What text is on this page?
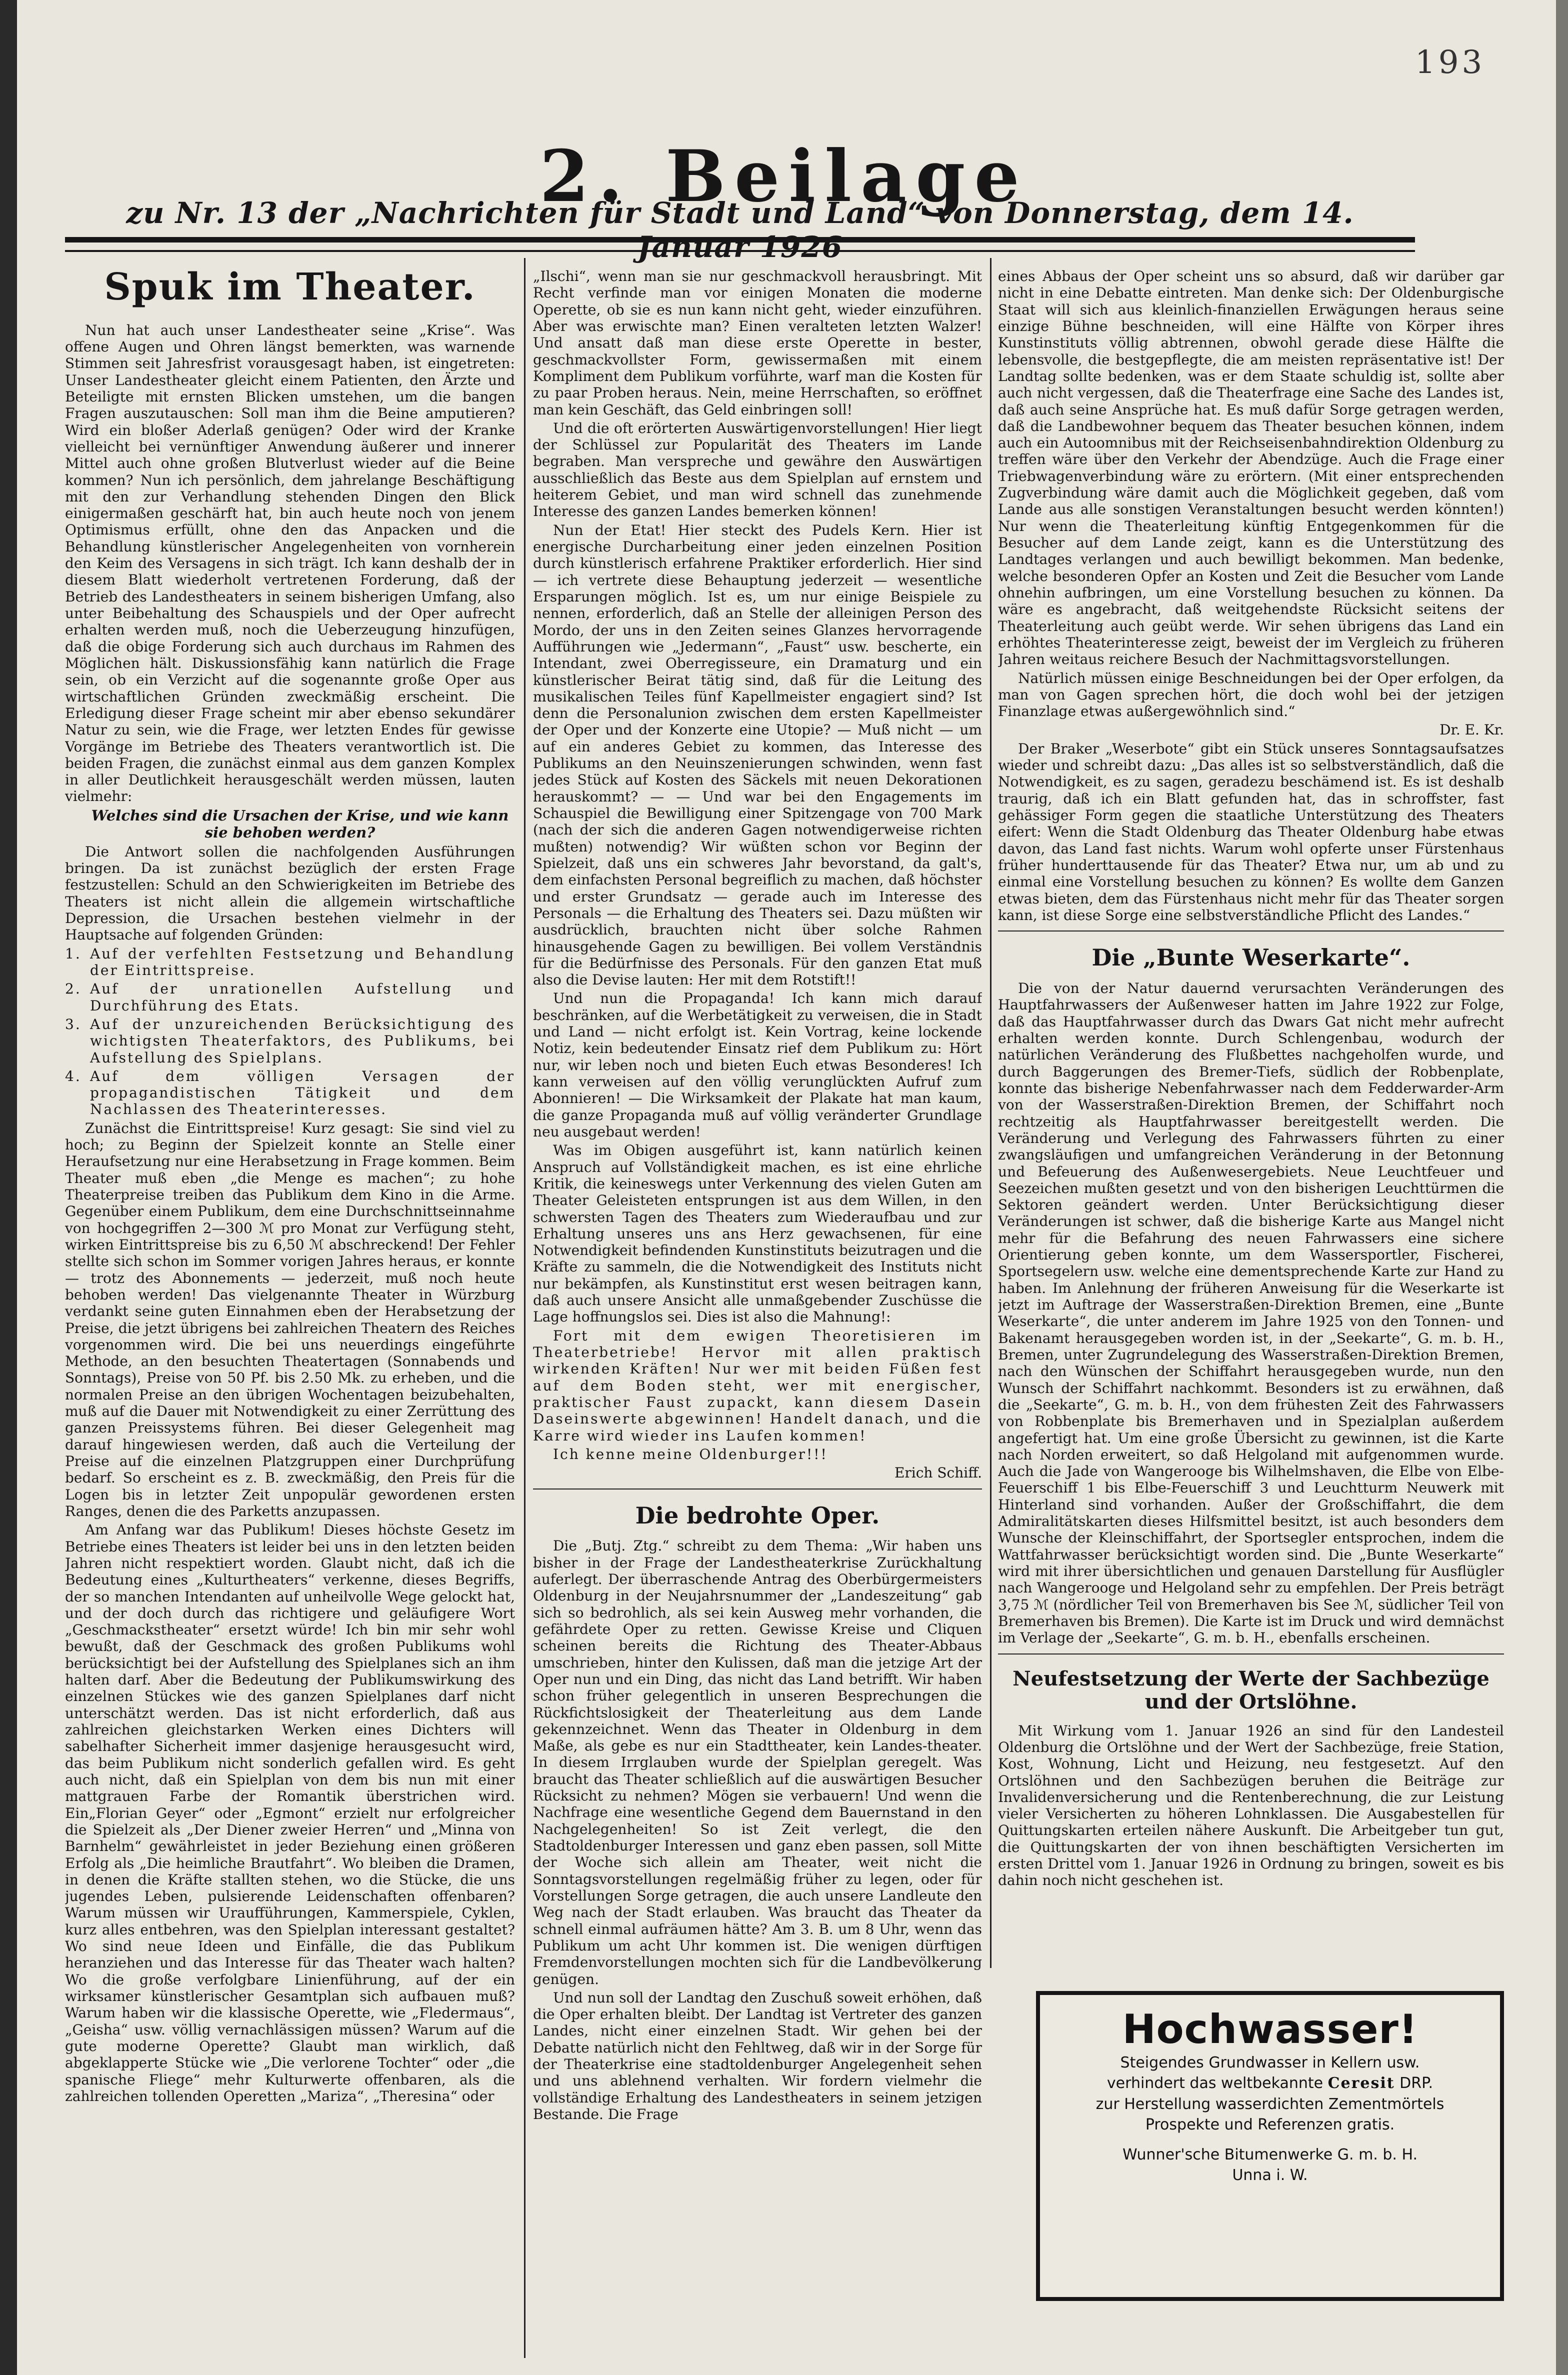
193
2. Beilage
zu Nr. 13 der „Nachrichten für Stadt und Land“ von Donnerstag, dem 14. Januar 1926
Spuk im Theater.

Nun hat auch unser Landestheater seine „Krise“. Was offene Augen und Ohren längst bemerkten, was warnende Stimmen seit Jahresfrist vorausgesagt haben, ist eingetreten: Unser Landestheater gleicht einem Patienten, den Ärzte und Beteiligte mit ernsten Blicken umstehen, um die bangen Fragen auszutauschen: Soll man ihm die Beine amputieren? Wird ein bloßer Aderlaß genügen? Oder wird der Kranke vielleicht bei vernünftiger Anwendung äußerer und innerer Mittel auch ohne großen Blutverlust wieder auf die Beine kommen? Nun ich persönlich, dem jahrelange Beschäftigung mit den zur Verhandlung stehenden Dingen den Blick einigermaßen geschärft hat, bin auch heute noch von jenem Optimismus erfüllt, ohne den das Anpacken und die Behandlung künstlerischer Angelegenheiten von vornherein den Keim des Versagens in sich trägt. Ich kann deshalb der in diesem Blatt wiederholt vertretenen Forderung, daß der Betrieb des Landestheaters in seinem bisherigen Umfang, also unter Beibehaltung des Schauspiels und der Oper aufrecht erhalten werden muß, noch die Ueberzeugung hinzufügen, daß die obige Forderung sich auch durchaus im Rahmen des Möglichen hält. Diskussionsfähig kann natürlich die Frage sein, ob ein Verzicht auf die sogenannte große Oper aus wirtschaftlichen Gründen zweckmäßig erscheint. Die Erledigung dieser Frage scheint mir aber ebenso sekundärer Natur zu sein, wie die Frage, wer letzten Endes für gewisse Vorgänge im Betriebe des Theaters verantwortlich ist. Die beiden Fragen, die zunächst einmal aus dem ganzen Komplex in aller Deutlichkeit herausgeschält werden müssen, lauten vielmehr:

Welches sind die Ursachen der Krise, und wie kann sie behoben werden?

Die Antwort sollen die nachfolgenden Ausführungen bringen. Da ist zunächst bezüglich der ersten Frage festzustellen: Schuld an den Schwierigkeiten im Betriebe des Theaters ist nicht allein die allgemein wirtschaftliche Depression, die Ursachen bestehen vielmehr in der Hauptsache auf folgenden Gründen:

1. Auf der verfehlten Festsetzung und Behandlung der Eintrittspreise.

2. Auf der unrationellen Aufstellung und Durchführung des Etats.

3. Auf der unzureichenden Berücksichtigung des wichtigsten Theaterfaktors, des Publikums, bei Aufstellung des Spielplans.

4. Auf dem völligen Versagen der propagandistischen Tätigkeit und dem Nachlassen des Theaterinteresses.

Zunächst die Eintrittspreise! Kurz gesagt: Sie sind viel zu hoch; zu Beginn der Spielzeit konnte an Stelle einer Heraufsetzung nur eine Herabsetzung in Frage kommen. Beim Theater muß eben „die Menge es machen“; zu hohe Theaterpreise treiben das Publikum dem Kino in die Arme. Gegenüber einem Publikum, dem eine Durchschnittseinnahme von hochgegriffen 2—300 ℳ pro Monat zur Verfügung steht, wirken Eintrittspreise bis zu 6,50 ℳ abschreckend! Der Fehler stellte sich schon im Sommer vorigen Jahres heraus, er konnte — trotz des Abonnements — jederzeit, muß noch heute behoben werden! Das vielgenannte Theater in Würzburg verdankt seine guten Einnahmen eben der Herabsetzung der Preise, die jetzt übrigens bei zahlreichen Theatern des Reiches vorgenommen wird. Die bei uns neuerdings eingeführte Methode, an den besuchten Theatertagen (Sonnabends und Sonntags), Preise von 50 Pf. bis 2.50 Mk. zu erheben, und die normalen Preise an den übrigen Wochentagen beizubehalten, muß auf die Dauer mit Notwendigkeit zu einer Zerrüttung des ganzen Preissystems führen. Bei dieser Gelegenheit mag darauf hingewiesen werden, daß auch die Verteilung der Preise auf die einzelnen Platzgruppen einer Durchprüfung bedarf. So erscheint es z. B. zweckmäßig, den Preis für die Logen bis in letzter Zeit unpopulär gewordenen ersten Ranges, denen die des Parketts anzupassen.

Am Anfang war das Publikum! Dieses höchste Gesetz im Betriebe eines Theaters ist leider bei uns in den letzten beiden Jahren nicht respektiert worden. Glaubt nicht, daß ich die Bedeutung eines „Kulturtheaters“ verkenne, dieses Begriffs, der so manchen Intendanten auf unheilvolle Wege gelockt hat, und der doch durch das richtigere und geläufigere Wort „Geschmackstheater“ ersetzt würde! Ich bin mir sehr wohl bewußt, daß der Geschmack des großen Publikums wohl berücksichtigt bei der Aufstellung des Spielplanes sich an ihm halten darf. Aber die Bedeutung der Publikumswirkung des einzelnen Stückes wie des ganzen Spielplanes darf nicht unterschätzt werden. Das ist nicht erforderlich, daß aus zahlreichen gleichstarken Werken eines Dichters will sabelhafter Sicherheit immer dasjenige herausgesucht wird, das beim Publikum nicht sonderlich gefallen wird. Es geht auch nicht, daß ein Spielplan von dem bis nun mit einer mattgrauen Farbe der Romantik überstrichen wird. Ein„Florian Geyer“ oder „Egmont“ erzielt nur erfolgreicher die Spielzeit als „Der Diener zweier Herren“ und „Minna von Barnhelm“ gewährleistet in jeder Beziehung einen größeren Erfolg als „Die heimliche Brautfahrt“. Wo bleiben die Dramen, in denen die Kräfte stallten stehen, wo die Stücke, die uns jugendes Leben, pulsierende Leidenschaften offenbaren? Warum müssen wir Uraufführungen, Kammerspiele, Cyklen, kurz alles entbehren, was den Spielplan interessant gestaltet? Wo sind neue Ideen und Einfälle, die das Publikum heranziehen und das Interesse für das Theater wach halten? Wo die große verfolgbare Linienführung, auf der ein wirksamer künstlerischer Gesamtplan sich aufbauen muß? Warum haben wir die klassische Operette, wie „Fledermaus“, „Geisha“ usw. völlig vernachlässigen müssen? Warum auf die gute moderne Operette? Glaubt man wirklich, daß abgeklapperte Stücke wie „Die verlorene Tochter“ oder „die spanische Fliege“ mehr Kulturwerte offenbaren, als die zahlreichen tollenden Operetten „Mariza“, „Theresina“ oder

„Ilschi“, wenn man sie nur geschmackvoll herausbringt. Mit Recht verfinde man vor einigen Monaten die moderne Operette, ob sie es nun kann nicht geht, wieder einzuführen. Aber was erwischte man? Einen veralteten letzten Walzer! Und ansatt daß man diese erste Operette in bester, geschmackvollster Form, gewissermaßen mit einem Kompliment dem Publikum vorführte, warf man die Kosten für zu paar Proben heraus. Nein, meine Herrschaften, so eröffnet man kein Geschäft, das Geld einbringen soll!

Und die oft erörterten Auswärtigenvorstellungen! Hier liegt der Schlüssel zur Popularität des Theaters im Lande begraben. Man verspreche und gewähre den Auswärtigen ausschließlich das Beste aus dem Spielplan auf ernstem und heiterem Gebiet, und man wird schnell das zunehmende Interesse des ganzen Landes bemerken können!

Nun der Etat! Hier steckt des Pudels Kern. Hier ist energische Durcharbeitung einer jeden einzelnen Position durch künstlerisch erfahrene Praktiker erforderlich. Hier sind — ich vertrete diese Behauptung jederzeit — wesentliche Ersparungen möglich. Ist es, um nur einige Beispiele zu nennen, erforderlich, daß an Stelle der alleinigen Person des Mordo, der uns in den Zeiten seines Glanzes hervorragende Aufführungen wie „Jedermann“, „Faust“ usw. bescherte, ein Intendant, zwei Oberregisseure, ein Dramaturg und ein künstlerischer Beirat tätig sind, daß für die Leitung des musikalischen Teiles fünf Kapellmeister engagiert sind? Ist denn die Personalunion zwischen dem ersten Kapellmeister der Oper und der Konzerte eine Utopie? — Muß nicht — um auf ein anderes Gebiet zu kommen, das Interesse des Publikums an den Neuinszenierungen schwinden, wenn fast jedes Stück auf Kosten des Säckels mit neuen Dekorationen herauskommt? — — Und war bei den Engagements im Schauspiel die Bewilligung einer Spitzengage von 700 Mark (nach der sich die anderen Gagen notwendigerweise richten mußten) notwendig? Wir wüßten schon vor Beginn der Spielzeit, daß uns ein schweres Jahr bevorstand, da galt's, dem einfachsten Personal begreiflich zu machen, daß höchster und erster Grundsatz — gerade auch im Interesse des Personals — die Erhaltung des Theaters sei. Dazu müßten wir ausdrücklich, brauchten nicht über solche Rahmen hinausgehende Gagen zu bewilligen. Bei vollem Verständnis für die Bedürfnisse des Personals. Für den ganzen Etat muß also die Devise lauten: Her mit dem Rotstift!!

Und nun die Propaganda! Ich kann mich darauf beschränken, auf die Werbetätigkeit zu verweisen, die in Stadt und Land — nicht erfolgt ist. Kein Vortrag, keine lockende Notiz, kein bedeutender Einsatz rief dem Publikum zu: Hört nur, wir leben noch und bieten Euch etwas Besonderes! Ich kann verweisen auf den völlig verunglückten Aufruf zum Abonnieren! — Die Wirksamkeit der Plakate hat man kaum, die ganze Propaganda muß auf völlig veränderter Grundlage neu ausgebaut werden!

Was im Obigen ausgeführt ist, kann natürlich keinen Anspruch auf Vollständigkeit machen, es ist eine ehrliche Kritik, die keineswegs unter Verkennung des vielen Guten am Theater Geleisteten entsprungen ist aus dem Willen, in den schwersten Tagen des Theaters zum Wiederaufbau und zur Erhaltung unseres uns ans Herz gewachsenen, für eine Notwendigkeit befindenden Kunstinstituts beizutragen und die Kräfte zu sammeln, die die Notwendigkeit des Instituts nicht nur bekämpfen, als Kunstinstitut erst wesen beitragen kann, daß auch unsere Ansicht alle unmaßgebender Zuschüsse die Lage hoffnungslos sei. Dies ist also die Mahnung!:

Fort mit dem ewigen Theoretisieren im Theaterbetriebe! Hervor mit allen praktisch wirkenden Kräften! Nur wer mit beiden Füßen fest auf dem Boden steht, wer mit energischer, praktischer Faust zupackt, kann diesem Dasein Daseinswerte abgewinnen! Handelt danach, und die Karre wird wieder ins Laufen kommen!

Ich kenne meine Oldenburger!!!

Erich Schiff.

Die bedrohte Oper.

Die „Butj. Ztg.“ schreibt zu dem Thema: „Wir haben uns bisher in der Frage der Landestheaterkrise Zurückhaltung auferlegt. Der überraschende Antrag des Oberbürgermeisters Oldenburg in der Neujahrsnummer der „Landeszeitung“ gab sich so bedrohlich, als sei kein Ausweg mehr vorhanden, die gefährdete Oper zu retten. Gewisse Kreise und Cliquen scheinen bereits die Richtung des Theater-Abbaus umschrieben, hinter den Kulissen, daß man die jetzige Art der Oper nun und ein Ding, das nicht das Land betrifft. Wir haben schon früher gelegentlich in unseren Besprechungen die Rückfichtslosigkeit der Theaterleitung aus dem Lande gekennzeichnet. Wenn das Theater in Oldenburg in dem Maße, als gebe es nur ein Stadttheater, kein Landes-theater. In diesem Irrglauben wurde der Spielplan geregelt. Was braucht das Theater schließlich auf die auswärtigen Besucher Rücksicht zu nehmen? Mögen sie verbauern! Und wenn die Nachfrage eine wesentliche Gegend dem Bauernstand in den Nachgelegenheiten! So ist Zeit verlegt, die den Stadtoldenburger Interessen und ganz eben passen, soll Mitte der Woche sich allein am Theater, weit nicht die Sonntagsvorstellungen regelmäßig früher zu legen, oder für Vorstellungen Sorge getragen, die auch unsere Landleute den Weg nach der Stadt erlauben. Was braucht das Theater da schnell einmal aufräumen hätte? Am 3. B. um 8 Uhr, wenn das Publikum um acht Uhr kommen ist. Die wenigen dürftigen Fremdenvorstellungen mochten sich für die Landbevölkerung genügen.

Und nun soll der Landtag den Zuschuß soweit erhöhen, daß die Oper erhalten bleibt. Der Landtag ist Vertreter des ganzen Landes, nicht einer einzelnen Stadt. Wir gehen bei der Debatte natürlich nicht den Fehltweg, daß wir in der Sorge für der Theaterkrise eine stadtoldenburger Angelegenheit sehen und uns ablehnend verhalten. Wir fordern vielmehr die vollständige Erhaltung des Landestheaters in seinem jetzigen Bestande. Die Frage

eines Abbaus der Oper scheint uns so absurd, daß wir darüber gar nicht in eine Debatte eintreten. Man denke sich: Der Oldenburgische Staat will sich aus kleinlich-finanziellen Erwägungen heraus seine einzige Bühne beschneiden, will eine Hälfte von Körper ihres Kunstinstituts völlig abtrennen, obwohl gerade diese Hälfte die lebensvolle, die bestgepflegte, die am meisten repräsentative ist! Der Landtag sollte bedenken, was er dem Staate schuldig ist, sollte aber auch nicht vergessen, daß die Theaterfrage eine Sache des Landes ist, daß auch seine Ansprüche hat. Es muß dafür Sorge getragen werden, daß die Landbewohner bequem das Theater besuchen können, indem auch ein Autoomnibus mit der Reichseisenbahndirektion Oldenburg zu treffen wäre über den Verkehr der Abendzüge. Auch die Frage einer Triebwagenverbindung wäre zu erörtern. (Mit einer entsprechenden Zugverbindung wäre damit auch die Möglichkeit gegeben, daß vom Lande aus alle sonstigen Veranstaltungen besucht werden könnten!) Nur wenn die Theaterleitung künftig Entgegenkommen für die Besucher auf dem Lande zeigt, kann es die Unterstützung des Landtages verlangen und auch bewilligt bekommen. Man bedenke, welche besonderen Opfer an Kosten und Zeit die Besucher vom Lande ohnehin aufbringen, um eine Vorstellung besuchen zu können. Da wäre es angebracht, daß weitgehendste Rücksicht seitens der Theaterleitung auch geübt werde. Wir sehen übrigens das Land ein erhöhtes Theaterinteresse zeigt, beweist der im Vergleich zu früheren Jahren weitaus reichere Besuch der Nachmittagsvorstellungen.

Natürlich müssen einige Beschneidungen bei der Oper erfolgen, da man von Gagen sprechen hört, die doch wohl bei der jetzigen Finanzlage etwas außergewöhnlich sind.“

Dr. E. Kr.

Der Braker „Weserbote“ gibt ein Stück unseres Sonntagsaufsatzes wieder und schreibt dazu: „Das alles ist so selbstverständlich, daß die Notwendigkeit, es zu sagen, geradezu beschämend ist. Es ist deshalb traurig, daß ich ein Blatt gefunden hat, das in schroffster, fast gehässiger Form gegen die staatliche Unterstützung des Theaters eifert: Wenn die Stadt Oldenburg das Theater Oldenburg habe etwas davon, das Land fast nichts. Warum wohl opferte unser Fürstenhaus früher hunderttausende für das Theater? Etwa nur, um ab und zu einmal eine Vorstellung besuchen zu können? Es wollte dem Ganzen etwas bieten, dem das Fürstenhaus nicht mehr für das Theater sorgen kann, ist diese Sorge eine selbstverständliche Pflicht des Landes.“

Die „Bunte Weserkarte“.

Die von der Natur dauernd verursachten Veränderungen des Hauptfahrwassers der Außenweser hatten im Jahre 1922 zur Folge, daß das Hauptfahrwasser durch das Dwars Gat nicht mehr aufrecht erhalten werden konnte. Durch Schlengenbau, wodurch der natürlichen Veränderung des Flußbettes nachgeholfen wurde, und durch Baggerungen des Bremer-Tiefs, südlich der Robbenplate, konnte das bisherige Nebenfahrwasser nach dem Fedderwarder-Arm von der Wasserstraßen-Direktion Bremen, der Schiffahrt noch rechtzeitig als Hauptfahrwasser bereitgestellt werden. Die Veränderung und Verlegung des Fahrwassers führten zu einer zwangsläufigen und umfangreichen Veränderung in der Betonnung und Befeuerung des Außenwesergebiets. Neue Leuchtfeuer und Seezeichen mußten gesetzt und von den bisherigen Leuchttürmen die Sektoren geändert werden. Unter Berücksichtigung dieser Veränderungen ist schwer, daß die bisherige Karte aus Mangel nicht mehr für die Befahrung des neuen Fahrwassers eine sichere Orientierung geben konnte, um dem Wassersportler, Fischerei, Sportsegelern usw. welche eine dementsprechende Karte zur Hand zu haben. Im Anlehnung der früheren Anweisung für die Weserkarte ist jetzt im Auftrage der Wasserstraßen-Direktion Bremen, eine „Bunte Weserkarte“, die unter anderem im Jahre 1925 von den Tonnen- und Bakenamt herausgegeben worden ist, in der „Seekarte“, G. m. b. H., Bremen, unter Zugrundelegung des Wasserstraßen-Direktion Bremen, nach den Wünschen der Schiffahrt herausgegeben wurde, nun den Wunsch der Schiffahrt nachkommt. Besonders ist zu erwähnen, daß die „Seekarte“, G. m. b. H., von dem frühesten Zeit des Fahrwassers von Robbenplate bis Bremerhaven und in Spezialplan außerdem angefertigt hat. Um eine große Übersicht zu gewinnen, ist die Karte nach Norden erweitert, so daß Helgoland mit aufgenommen wurde. Auch die Jade von Wangerooge bis Wilhelmshaven, die Elbe von Elbe-Feuerschiff 1 bis Elbe-Feuerschiff 3 und Leuchtturm Neuwerk mit Hinterland sind vorhanden. Außer der Großschiffahrt, die dem Admiralitätskarten dieses Hilfsmittel besitzt, ist auch besonders dem Wunsche der Kleinschiffahrt, der Sportsegler entsprochen, indem die Wattfahrwasser berücksichtigt worden sind. Die „Bunte Weserkarte“ wird mit ihrer übersichtlichen und genauen Darstellung für Ausflügler nach Wangerooge und Helgoland sehr zu empfehlen. Der Preis beträgt 3,75 ℳ (nördlicher Teil von Bremerhaven bis See ℳ, südlicher Teil von Bremerhaven bis Bremen). Die Karte ist im Druck und wird demnächst im Verlage der „Seekarte“, G. m. b. H., ebenfalls erscheinen.

Neufestsetzung der Werte der Sachbezüge und der Ortslöhne.

Mit Wirkung vom 1. Januar 1926 an sind für den Landesteil Oldenburg die Ortslöhne und der Wert der Sachbezüge, freie Station, Kost, Wohnung, Licht und Heizung, neu festgesetzt. Auf den Ortslöhnen und den Sachbezügen beruhen die Beiträge zur Invalidenversicherung und die Rentenberechnung, die zur Leistung vieler Versicherten zu höheren Lohnklassen. Die Ausgabestellen für Quittungskarten erteilen nähere Auskunft. Die Arbeitgeber tun gut, die Quittungskarten der von ihnen beschäftigten Versicherten im ersten Drittel vom 1. Januar 1926 in Ordnung zu bringen, soweit es bis dahin noch nicht geschehen ist.

Hochwasser!
Steigendes Grundwasser in Kellern usw.
verhindert das weltbekannte Ceresit DRP.
zur Herstellung wasserdichten Zementmörtels
Prospekte und Referenzen gratis.
Wunner'sche Bitumenwerke G. m. b. H.
Unna i. W.
